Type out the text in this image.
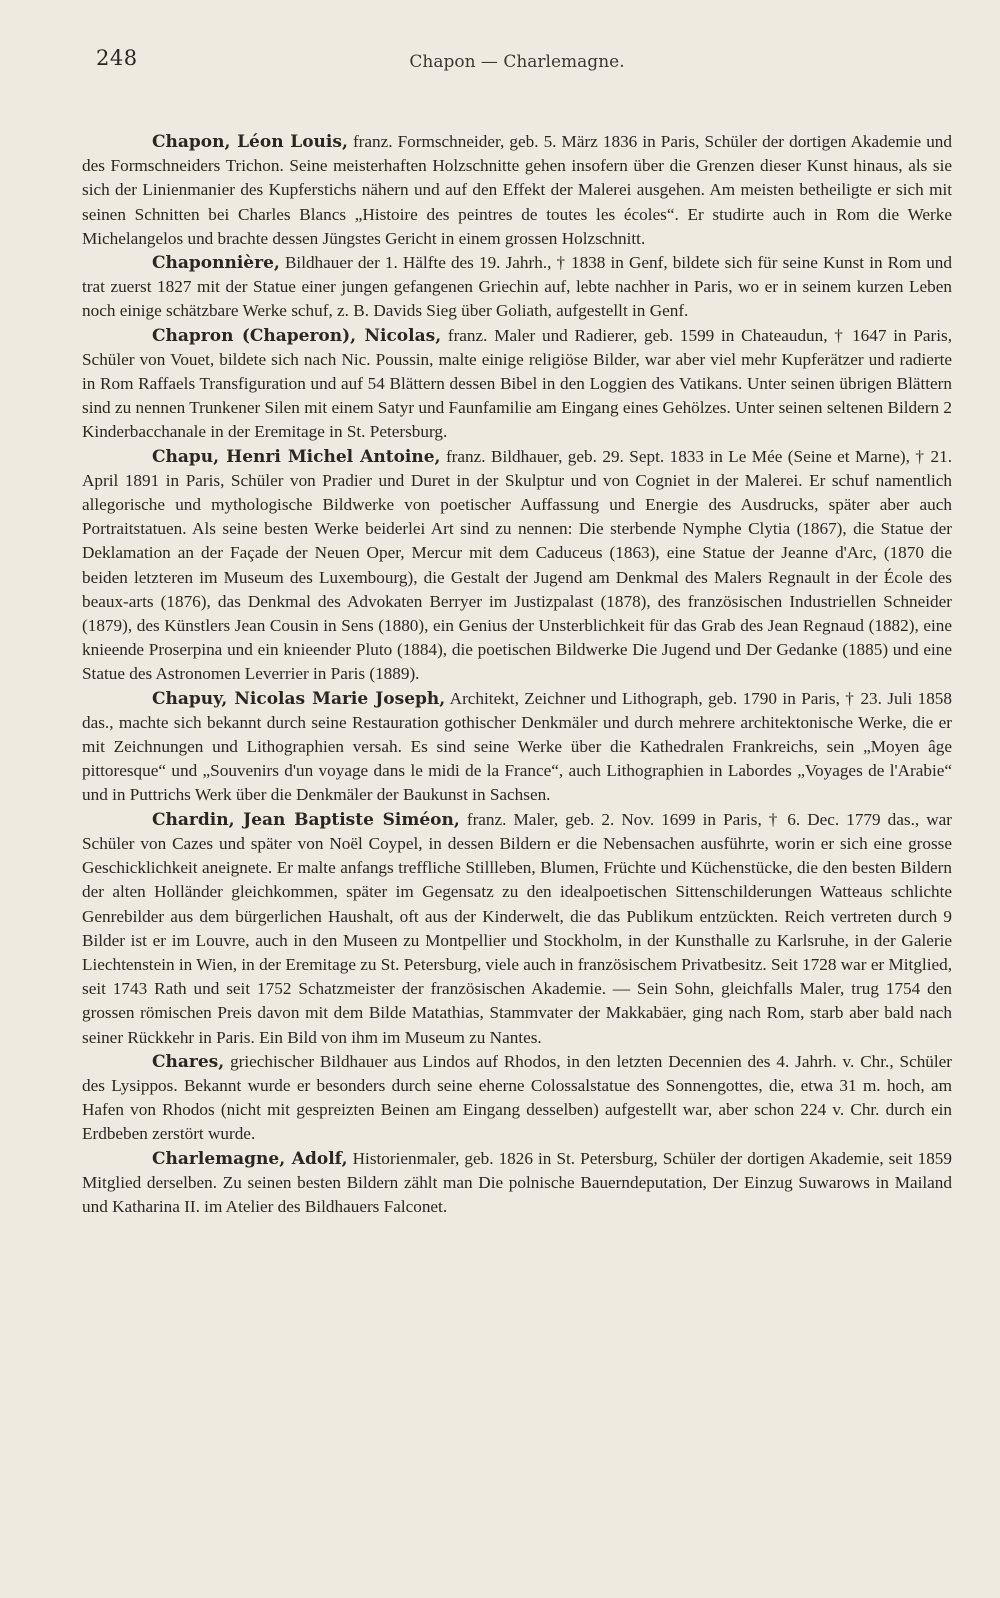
248	Chapon — Charlemagne.

Chapon, Léon Louis, franz. Formschneider, geb. 5. März 1836 in Paris, Schüler der dortigen Akademie und des Formschneiders Trichon. Seine meisterhaften Holzschnitte gehen insofern über die Grenzen dieser Kunst hinaus, als sie sich der Linienmanier des Kupferstichs nähern und auf den Effekt der Malerei ausgehen. Am meisten betheiligte er sich mit seinen Schnitten bei Charles Blancs „Histoire des peintres de toutes les écoles“. Er studirte auch in Rom die Werke Michelangelos und brachte dessen Jüngstes Gericht in einem grossen Holzschnitt.

Chaponnière, Bildhauer der 1. Hälfte des 19. Jahrh., † 1838 in Genf, bildete sich für seine Kunst in Rom und trat zuerst 1827 mit der Statue einer jungen gefangenen Griechin auf, lebte nachher in Paris, wo er in seinem kurzen Leben noch einige schätzbare Werke schuf, z. B. Davids Sieg über Goliath, aufgestellt in Genf.

Chapron (Chaperon), Nicolas, franz. Maler und Radierer, geb. 1599 in Chateaudun, † 1647 in Paris, Schüler von Vouet, bildete sich nach Nic. Poussin, malte einige religiöse Bilder, war aber viel mehr Kupferätzer und radierte in Rom Raffaels Transfiguration und auf 54 Blättern dessen Bibel in den Loggien des Vatikans. Unter seinen übrigen Blättern sind zu nennen Trunkener Silen mit einem Satyr und Faunfamilie am Eingang eines Gehölzes. Unter seinen seltenen Bildern 2 Kinderbacchanale in der Eremitage in St. Petersburg.

Chapu, Henri Michel Antoine, franz. Bildhauer, geb. 29. Sept. 1833 in Le Mée (Seine et Marne), † 21. April 1891 in Paris, Schüler von Pradier und Duret in der Skulptur und von Cogniet in der Malerei. Er schuf namentlich allegorische und mythologische Bildwerke von poetischer Auffassung und Energie des Ausdrucks, später aber auch Portraitstatuen. Als seine besten Werke beiderlei Art sind zu nennen: Die sterbende Nymphe Clytia (1867), die Statue der Deklamation an der Façade der Neuen Oper, Mercur mit dem Caduceus (1863), eine Statue der Jeanne d'Arc, (1870 die beiden letzteren im Museum des Luxembourg), die Gestalt der Jugend am Denkmal des Malers Regnault in der École des beaux-arts (1876), das Denkmal des Advokaten Berryer im Justizpalast (1878), des französischen Industriellen Schneider (1879), des Künstlers Jean Cousin in Sens (1880), ein Genius der Unsterblichkeit für das Grab des Jean Regnaud (1882), eine knieende Proserpina und ein knieender Pluto (1884), die poetischen Bildwerke Die Jugend und Der Gedanke (1885) und eine Statue des Astronomen Leverrier in Paris (1889).

Chapuy, Nicolas Marie Joseph, Architekt, Zeichner und Lithograph, geb. 1790 in Paris, † 23. Juli 1858 das., machte sich bekannt durch seine Restauration gothischer Denkmäler und durch mehrere architektonische Werke, die er mit Zeichnungen und Lithographien versah. Es sind seine Werke über die Kathedralen Frankreichs, sein „Moyen âge pittoresque“ und „Souvenirs d'un voyage dans le midi de la France“, auch Lithographien in Labordes „Voyages de l'Arabie“ und in Puttrichs Werk über die Denkmäler der Baukunst in Sachsen.

Chardin, Jean Baptiste Siméon, franz. Maler, geb. 2. Nov. 1699 in Paris, † 6. Dec. 1779 das., war Schüler von Cazes und später von Noël Coypel, in dessen Bildern er die Nebensachen ausführte, worin er sich eine grosse Geschicklichkeit aneignete. Er malte anfangs treffliche Stillleben, Blumen, Früchte und Küchenstücke, die den besten Bildern der alten Holländer gleichkommen, später im Gegensatz zu den idealpoetischen Sittenschilderungen Watteaus schlichte Genrebilder aus dem bürgerlichen Haushalt, oft aus der Kinderwelt, die das Publikum entzückten. Reich vertreten durch 9 Bilder ist er im Louvre, auch in den Museen zu Montpellier und Stockholm, in der Kunsthalle zu Karlsruhe, in der Galerie Liechtenstein in Wien, in der Eremitage zu St. Petersburg, viele auch in französischem Privatbesitz. Seit 1728 war er Mitglied, seit 1743 Rath und seit 1752 Schatzmeister der französischen Akademie. — Sein Sohn, gleichfalls Maler, trug 1754 den grossen römischen Preis davon mit dem Bilde Matathias, Stammvater der Makkabäer, ging nach Rom, starb aber bald nach seiner Rückkehr in Paris. Ein Bild von ihm im Museum zu Nantes.

Chares, griechischer Bildhauer aus Lindos auf Rhodos, in den letzten Decennien des 4. Jahrh. v. Chr., Schüler des Lysippos. Bekannt wurde er besonders durch seine eherne Colossalstatue des Sonnengottes, die, etwa 31 m. hoch, am Hafen von Rhodos (nicht mit gespreizten Beinen am Eingang desselben) aufgestellt war, aber schon 224 v. Chr. durch ein Erdbeben zerstört wurde.

Charlemagne, Adolf, Historienmaler, geb. 1826 in St. Petersburg, Schüler der dortigen Akademie, seit 1859 Mitglied derselben. Zu seinen besten Bildern zählt man Die polnische Bauerndeputation, Der Einzug Suwarows in Mailand und Katharina II. im Atelier des Bildhauers Falconet.
